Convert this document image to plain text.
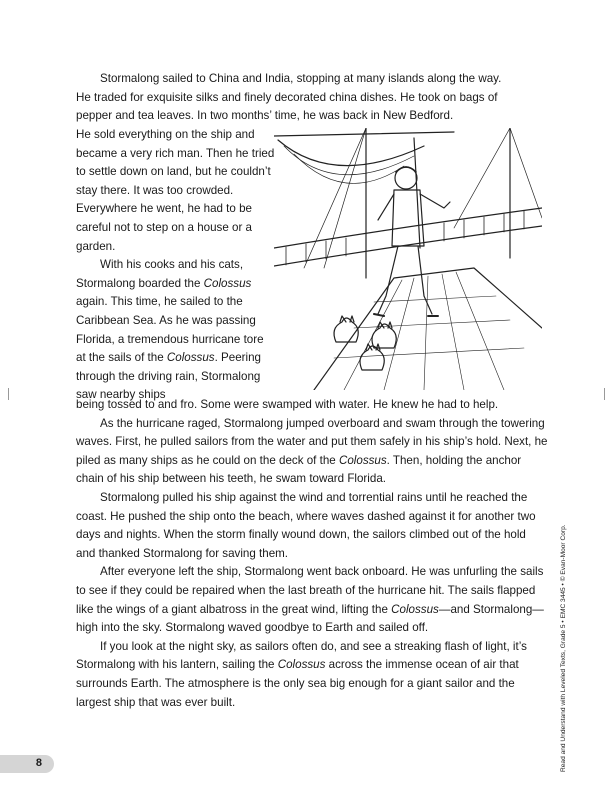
Stormalong sailed to China and India, stopping at many islands along the way. He traded for exquisite silks and finely decorated china dishes. He took on bags of pepper and tea leaves. In two months’ time, he was back in New Bedford.

He sold everything on the ship and became a very rich man. Then he tried to settle down on land, but he couldn’t stay there. It was too crowded. Everywhere he went, he had to be careful not to step on a house or a garden.

With his cooks and his cats, Stormalong boarded the Colossus again. This time, he sailed to the Caribbean Sea. As he was passing Florida, a tremendous hurricane tore at the sails of the Colossus. Peering through the driving rain, Stormalong saw nearby ships

being tossed to and fro. Some were swamped with water. He knew he had to help.

As the hurricane raged, Stormalong jumped overboard and swam through the towering waves. First, he pulled sailors from the water and put them safely in his ship’s hold. Next, he piled as many ships as he could on the deck of the Colossus. Then, holding the anchor chain of his ship between his teeth, he swam toward Florida.

Stormalong pulled his ship against the wind and torrential rains until he reached the coast. He pushed the ship onto the beach, where waves dashed against it for another two days and nights. When the storm finally wound down, the sailors climbed out of the hold and thanked Stormalong for saving them.

After everyone left the ship, Stormalong went back onboard. He was unfurling the sails to see if they could be repaired when the last breath of the hurricane hit. The sails flapped like the wings of a giant albatross in the great wind, lifting the Colossus—and Stormalong—high into the sky. Stormalong waved goodbye to Earth and sailed off.

If you look at the night sky, as sailors often do, and see a streaking flash of light, it’s Stormalong with his lantern, sailing the Colossus across the immense ocean of air that surrounds Earth. The atmosphere is the only sea big enough for a giant sailor and the largest ship that was ever built.	Read and Understand with Leveled Texts, Grade 5 • EMC 3445 • © Evan-Moor Corp.
8
